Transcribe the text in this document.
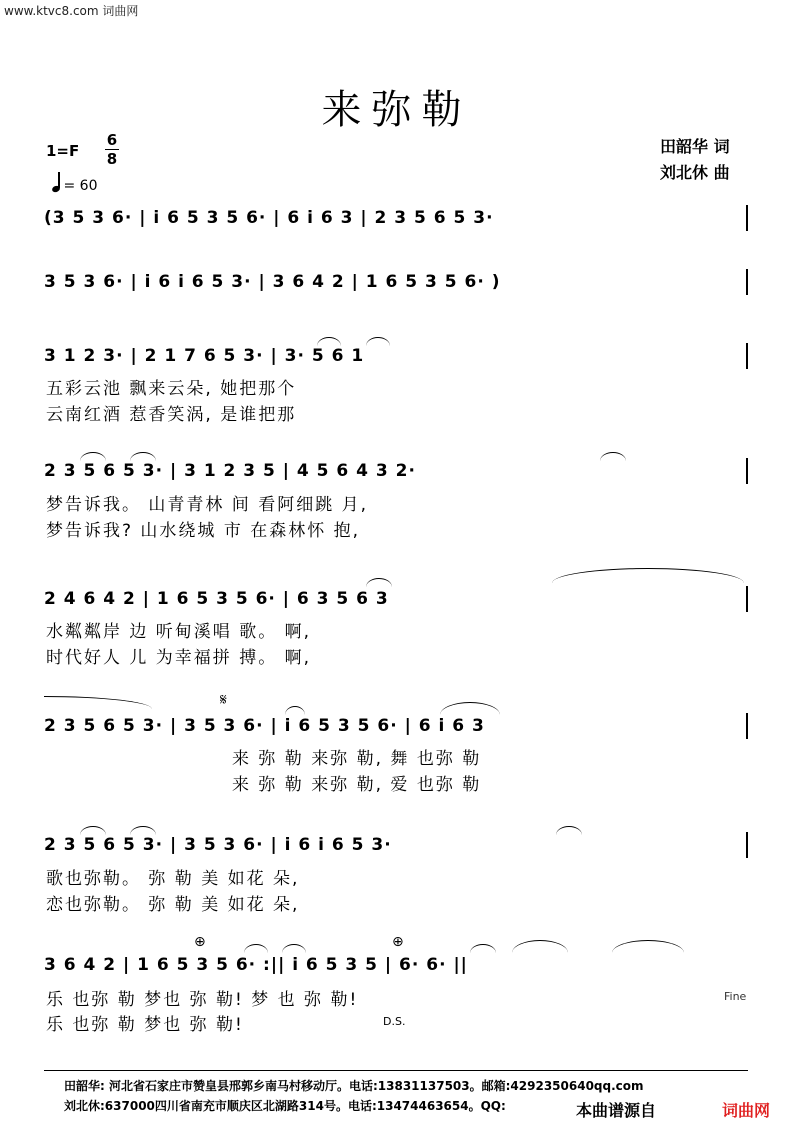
www.ktvc8.com 词曲网
来弥勒
1=F
6
8
= 60
田韶华 词
刘北休 曲
(3 5 3 6· | i 6 5 3 5 6· | 6 i 6 3 | 2 3 5 6 5 3·
3 5 3 6· | i 6 i 6 5 3· | 3 6 4 2 | 1 6 5 3 5 6· )
3 1 2 3· | 2 1 7 6 5 3· | 3· 5 6 1
五彩云池 飘来云朵, 她把那个
云南红酒 惹香笑涡, 是谁把那
2 3 5 6 5 3· | 3 1 2 3 5 | 4 5 6 4 3 2·
梦告诉我。 山青青林 间 看阿细跳 月,
梦告诉我? 山水绕城 市 在森林怀 抱,
2 4 6 4 2 | 1 6 5 3 5 6· | 6 3 5 6 3
水粼粼岸 边 听甸溪唱 歌。 啊,
时代好人 儿 为幸福拼 搏。 啊,
𝄋
2 3 5 6 5 3· | 3 5 3 6· | i 6 5 3 5 6· | 6 i 6 3
来 弥 勒 来弥 勒, 舞 也弥 勒
来 弥 勒 来弥 勒, 爱 也弥 勒
2 3 5 6 5 3· | 3 5 3 6· | i 6 i 6 5 3·
歌也弥勒。 弥 勒 美 如花 朵,
恋也弥勒。 弥 勒 美 如花 朵,
⊕	⊕
3 6 4 2 | 1 6 5 3 5 6· :|| i 6 5 3 5 | 6· 6· ||
乐 也弥 勒 梦也 弥 勒! 梦 也 弥 勒!
乐 也弥 勒 梦也 弥 勒!	D.S.
Fine
田韶华: 河北省石家庄市赞皇县邢郭乡南马村移动厅。电话:13831137503。邮箱:4292350640qq.com
刘北休:637000四川省南充市顺庆区北湖路314号。电话:13474463654。QQ:	本曲谱源自	词曲网
